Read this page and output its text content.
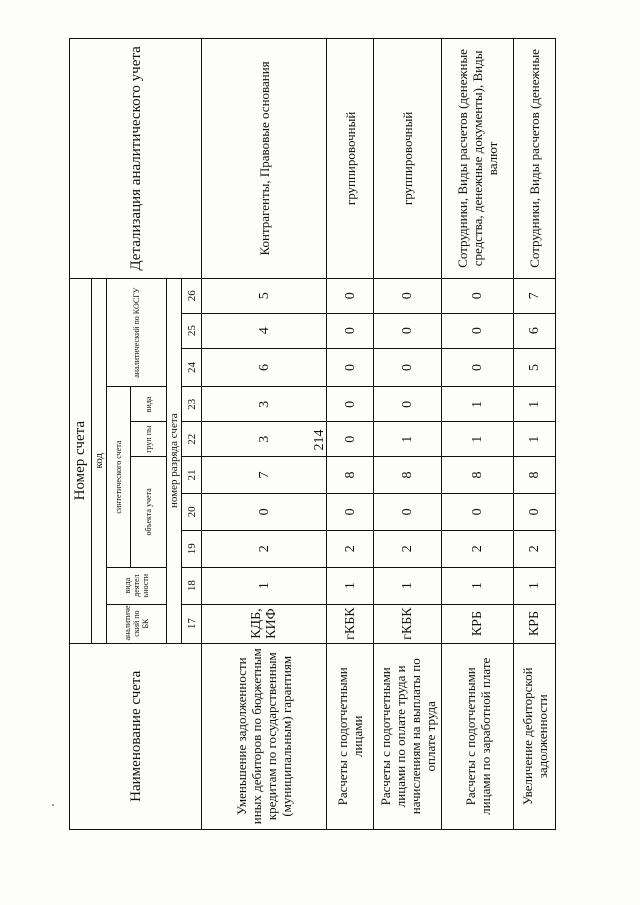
214
Наименование счета	Номер счета										Детализация аналитического учета
	код										
	аналитиче ский по БК	вида деятел ьности	синтетического счета					аналитический по КОСГУ			
			объекта учета			груп пы	вида				
	номер разряда счета										
	17	18	19	20	21	22	23	24	25	26	
Уменьшение задолженности иных дебиторов по бюджетным кредитам по государственным (муниципальным) гарантиям	КДБ, КИФ	1	2	0	7	3	3	6	4	5	Контрагенты, Правовые основания
Расчеты с подотчетными лицами	гКБК	1	2	0	8	0	0	0	0	0	группировочный
Расчеты с подотчетными лицами по оплате труда и начислениям на выплаты по оплате труда	гКБК	1	2	0	8	1	0	0	0	0	группировочный
Расчеты с подотчетными лицами по заработной плате	КРБ	1	2	0	8	1	1	0	0	0	Сотрудники, Виды расчетов (денежные средства, денежные документы), Виды валют
Увеличение дебиторской задолженности	КРБ	1	2	0	8	1	1	5	6	7	Сотрудники, Виды расчетов (денежные
